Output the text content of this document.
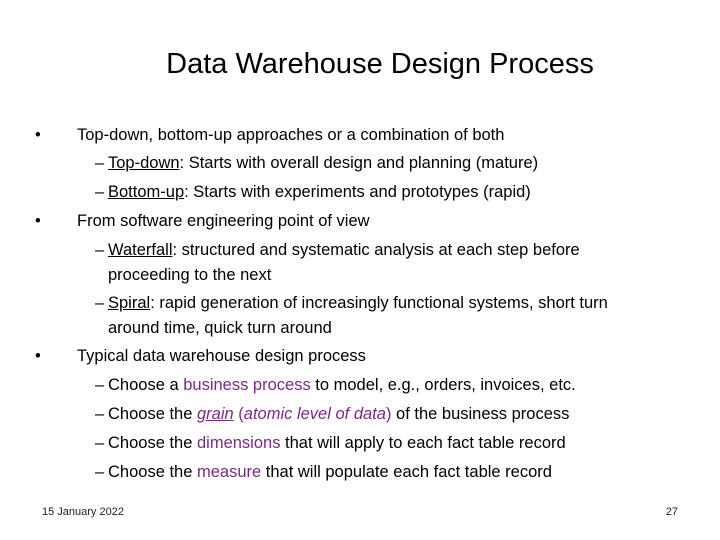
Data Warehouse Design Process
• Top-down, bottom-up approaches or a combination of both
– Top-down: Starts with overall design and planning (mature)
– Bottom-up: Starts with experiments and prototypes (rapid)
• From software engineering point of view
– Waterfall: structured and systematic analysis at each step before
proceeding to the next
– Spiral: rapid generation of increasingly functional systems, short turn
around time, quick turn around
• Typical data warehouse design process
– Choose a business process to model, e.g., orders, invoices, etc.
– Choose the grain (atomic level of data) of the business process
– Choose the dimensions that will apply to each fact table record
– Choose the measure that will populate each fact table record
15 January 2022	27
